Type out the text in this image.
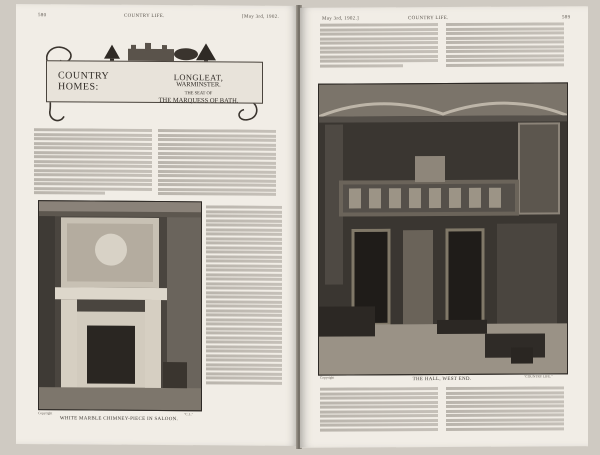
580	COUNTRY LIFE.	[May 3rd, 1902.
COUNTRY
HOMES:
LONGLEAT,
WARMINSTER.
THE SEAT OF
THE MARQUESS OF BATH.
Copyright	"C.L."
WHITE MARBLE CHIMNEY-PIECE IN SALOON.
May 3rd, 1902.]	COUNTRY LIFE.	589
Copyright	"COUNTRY LIFE."
THE HALL, WEST END.
